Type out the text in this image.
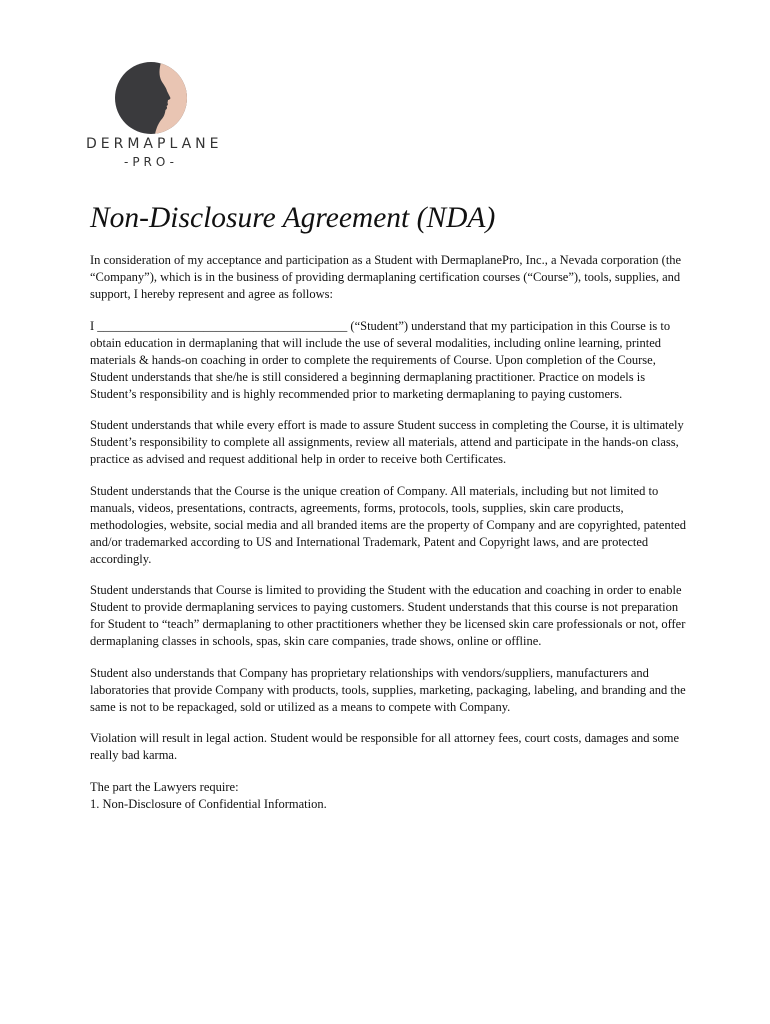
DERMAPLANE
-PRO-
Non-Disclosure Agreement (NDA)

In consideration of my acceptance and participation as a Student with DermaplanePro, Inc., a Nevada corporation (the “Company”), which is in the business of providing dermaplaning certification courses (“Course”), tools, supplies, and support, I hereby represent and agree as follows:

I ________________________________________ (“Student”) understand that my participation in this Course is to obtain education in dermaplaning that will include the use of several modalities, including online learning, printed materials & hands-on coaching in order to complete the requirements of Course. Upon completion of the Course, Student understands that she/he is still considered a beginning dermaplaning practitioner. Practice on models is Student’s responsibility and is highly recommended prior to marketing dermaplaning to paying customers.

Student understands that while every effort is made to assure Student success in completing the Course, it is ultimately Student’s responsibility to complete all assignments, review all materials, attend and participate in the hands-on class, practice as advised and request additional help in order to receive both Certificates.

Student understands that the Course is the unique creation of Company. All materials, including but not limited to manuals, videos, presentations, contracts, agreements, forms, protocols, tools, supplies, skin care products, methodologies, website, social media and all branded items are the property of Company and are copyrighted, patented and/or trademarked according to US and International Trademark, Patent and Copyright laws, and are protected accordingly.

Student understands that Course is limited to providing the Student with the education and coaching in order to enable Student to provide dermaplaning services to paying customers. Student understands that this course is not preparation for Student to “teach” dermaplaning to other practitioners whether they be licensed skin care professionals or not, offer dermaplaning classes in schools, spas, skin care companies, trade shows, online or offline.

Student also understands that Company has proprietary relationships with vendors/suppliers, manufacturers and laboratories that provide Company with products, tools, supplies, marketing, packaging, labeling, and branding and the same is not to be repackaged, sold or utilized as a means to compete with Company.

Violation will result in legal action. Student would be responsible for all attorney fees, court costs, damages and some really bad karma.

The part the Lawyers require:
1. Non-Disclosure of Confidential Information.
